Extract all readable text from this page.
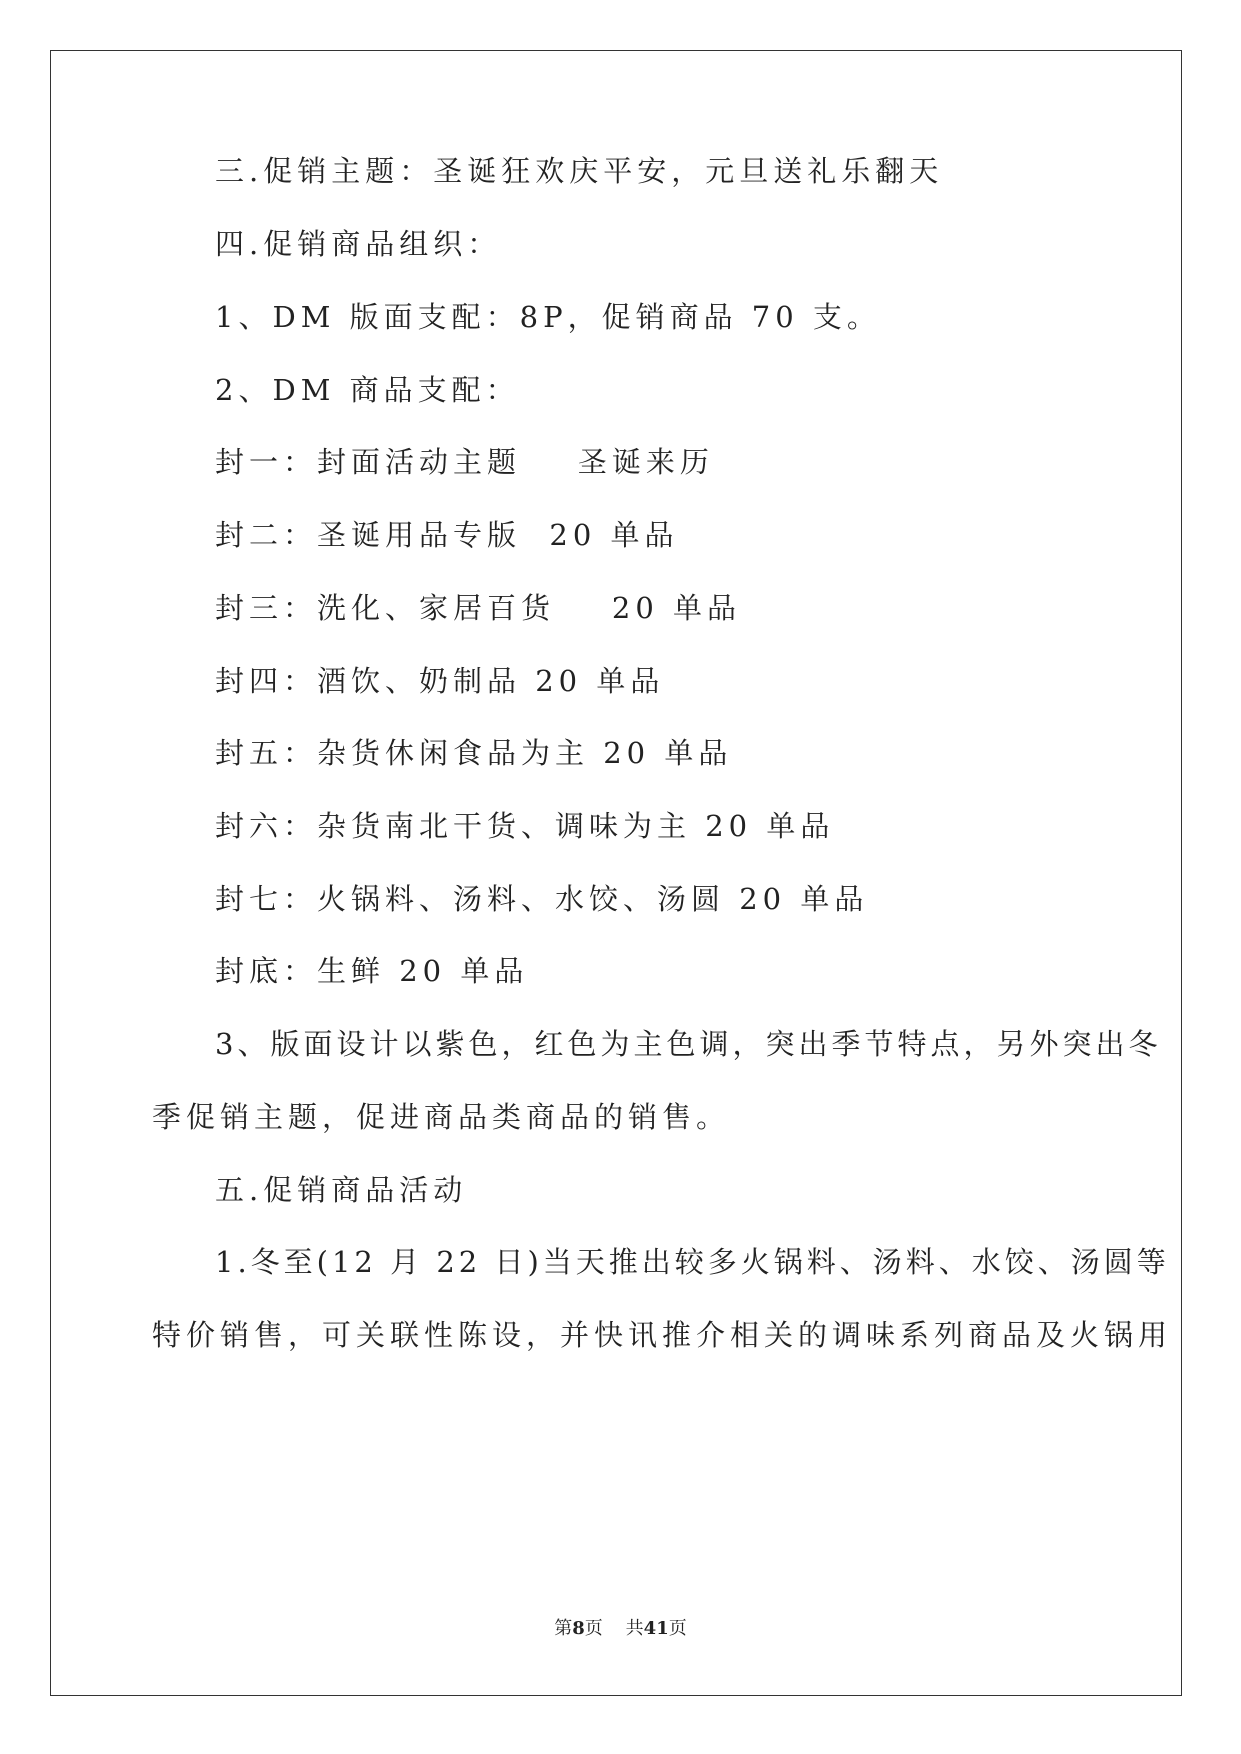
三.促销主题：圣诞狂欢庆平安，元旦送礼乐翻天
四.促销商品组织：
1、DM 版面支配：8P，促销商品 70 支。
2、DM 商品支配：
封一：封面活动主题    圣诞来历
封二：圣诞用品专版  20 单品
封三：洗化、家居百货    20 单品
封四：酒饮、奶制品 20 单品
封五：杂货休闲食品为主 20 单品
封六：杂货南北干货、调味为主 20 单品
封七：火锅料、汤料、水饺、汤圆 20 单品
封底：生鲜 20 单品
3、版面设计以紫色，红色为主色调，突出季节特点，另外突出冬
季促销主题，促进商品类商品的销售。
五.促销商品活动
1.冬至(12 月 22 日)当天推出较多火锅料、汤料、水饺、汤圆等
特价销售，可关联性陈设，并快讯推介相关的调味系列商品及火锅用
第8页    共41页
